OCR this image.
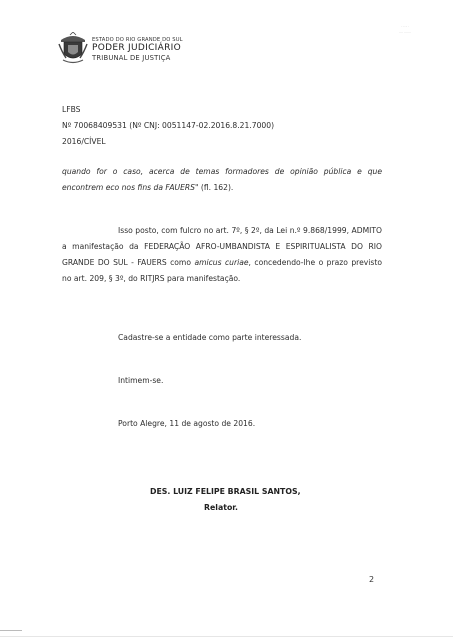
ESTADO DO RIO GRANDE DO SUL
PODER JUDICIÁRIO
TRIBUNAL DE JUSTIÇA
· ·· ·· ·
···· ·······
LFBS
Nº 70068409531 (Nº CNJ: 0051147-02.2016.8.21.7000)
2016/CÍVEL
quando for o caso, acerca de temas formadores de opinião pública e que
encontrem eco nos fins da FAUERS" (fl. 162).
Isso posto, com fulcro no art. 7º, § 2º, da Lei n.º 9.868/1999, ADMITO
a manifestação da FEDERAÇÃO AFRO-UMBANDISTA E ESPIRITUALISTA DO RIO
GRANDE DO SUL - FAUERS como amicus curiae, concedendo-lhe o prazo previsto
no art. 209, § 3º, do RITJRS para manifestação.
Cadastre-se a entidade como parte interessada.
Intimem-se.
Porto Alegre, 11 de agosto de 2016.
DES. LUIZ FELIPE BRASIL SANTOS,
Relator.
2
